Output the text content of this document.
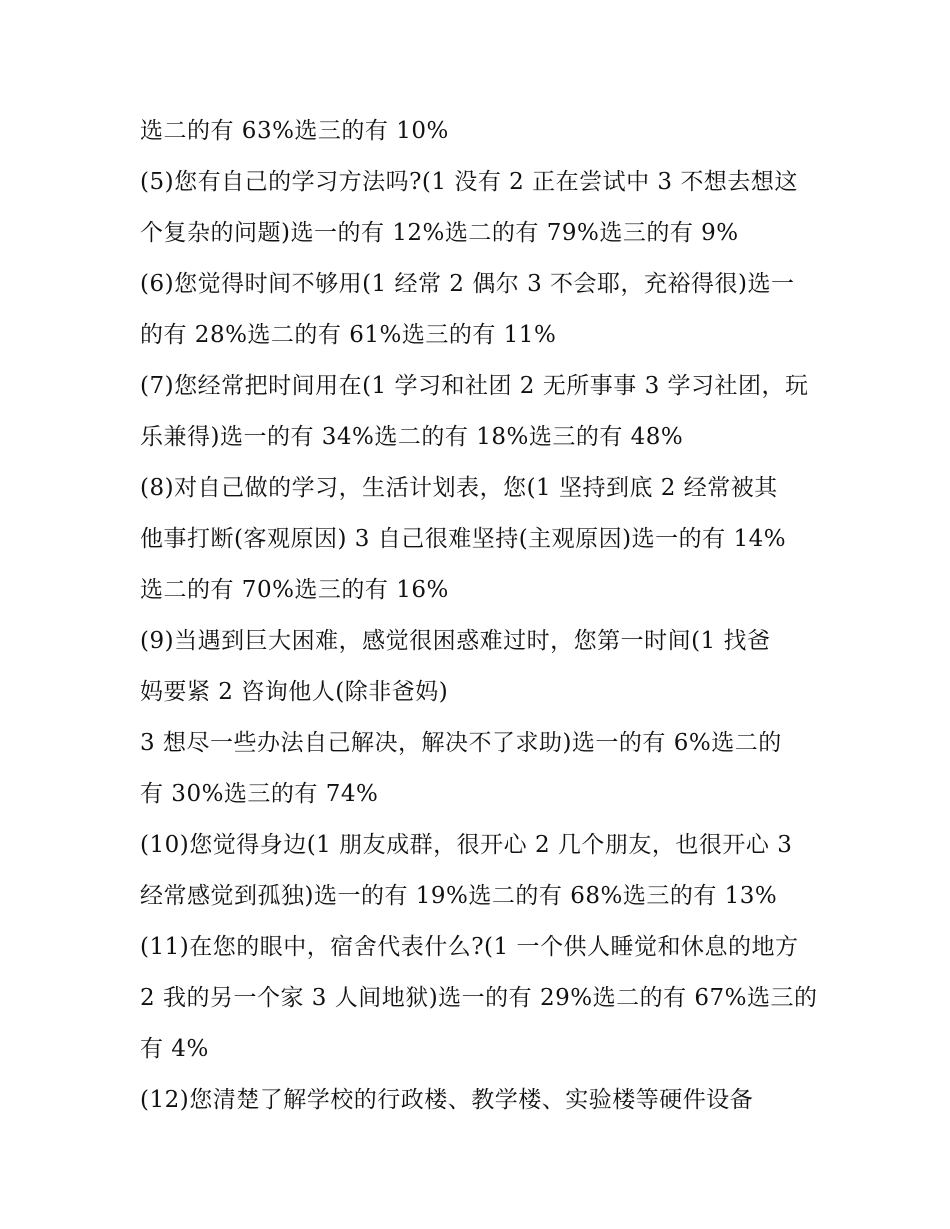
选二的有 63%选三的有 10%
(5)您有自己的学习方法吗?(1 没有 2 正在尝试中 3 不想去想这
个复杂的问题)选一的有 12%选二的有 79%选三的有 9%
(6)您觉得时间不够用(1 经常 2 偶尔 3 不会耶，充裕得很)选一
的有 28%选二的有 61%选三的有 11%
(7)您经常把时间用在(1 学习和社团 2 无所事事 3 学习社团，玩
乐兼得)选一的有 34%选二的有 18%选三的有 48%
(8)对自己做的学习，生活计划表，您(1 坚持到底 2 经常被其
他事打断(客观原因) 3 自己很难坚持(主观原因)选一的有 14%
选二的有 70%选三的有 16%
(9)当遇到巨大困难，感觉很困惑难过时，您第一时间(1 找爸
妈要紧 2 咨询他人(除非爸妈)
3 想尽一些办法自己解决，解决不了求助)选一的有 6%选二的
有 30%选三的有 74%
(10)您觉得身边(1 朋友成群，很开心 2 几个朋友，也很开心 3
经常感觉到孤独)选一的有 19%选二的有 68%选三的有 13%
(11)在您的眼中，宿舍代表什么?(1 一个供人睡觉和休息的地方
2 我的另一个家 3 人间地狱)选一的有 29%选二的有 67%选三的
有 4%
(12)您清楚了解学校的行政楼、教学楼、实验楼等硬件设备
